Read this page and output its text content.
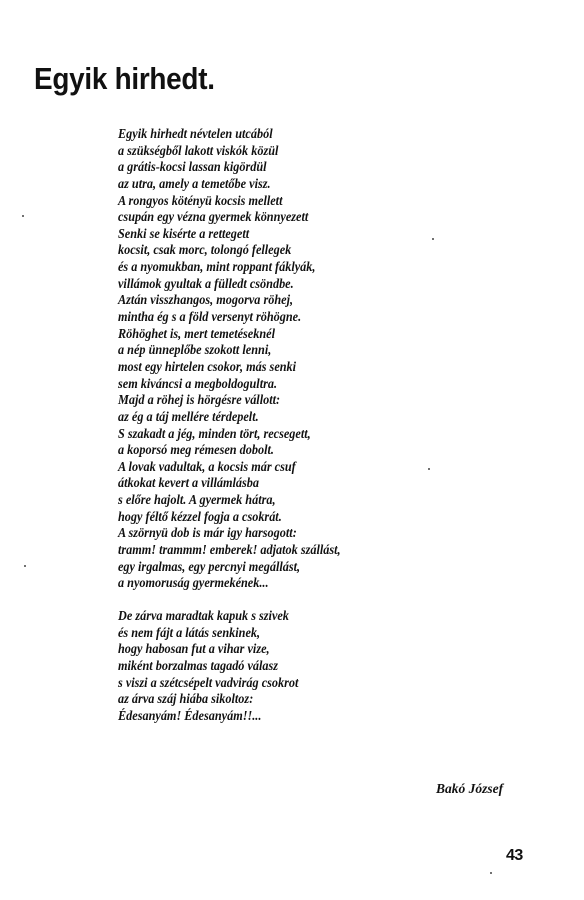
Egyik hirhedt.
Egyik hirhedt névtelen utcából
a szükségből lakott viskók közül
a grátis-kocsi lassan kigördül
az utra, amely a temetőbe visz.
A rongyos kötényü kocsis mellett
csupán egy vézna gyermek könnyezett
Senki se kisérte a rettegett
kocsit, csak morc, tolongó fellegek
és a nyomukban, mint roppant fáklyák,
villámok gyultak a fülledt csöndbe.
Aztán visszhangos, mogorva röhej,
mintha ég s a föld versenyt röhögne.
Röhöghet is, mert temetéseknél
a nép ünneplőbe szokott lenni,
most egy hirtelen csokor, más senki
sem kiváncsi a megboldogultra.
Majd a röhej is hörgésre vállott:
az ég a táj mellére térdepelt.
S szakadt a jég, minden tört, recsegett,
a koporsó meg rémesen dobolt.
A lovak vadultak, a kocsis már csuf
átkokat kevert a villámlásba
s előre hajolt. A gyermek hátra,
hogy féltő kézzel fogja a csokrát.
A szörnyü dob is már igy harsogott:
tramm! trammm! emberek! adjatok szállást,
egy irgalmas, egy percnyi megállást,
a nyomoruság gyermekének...
De zárva maradtak kapuk s szivek
és nem fájt a látás senkinek,
hogy habosan fut a vihar vize,
miként borzalmas tagadó válasz
s viszi a szétcsépelt vadvirág csokrot
az árva száj hiába sikoltoz:
Édesanyám! Édesanyám!!...
Bakó József
43
